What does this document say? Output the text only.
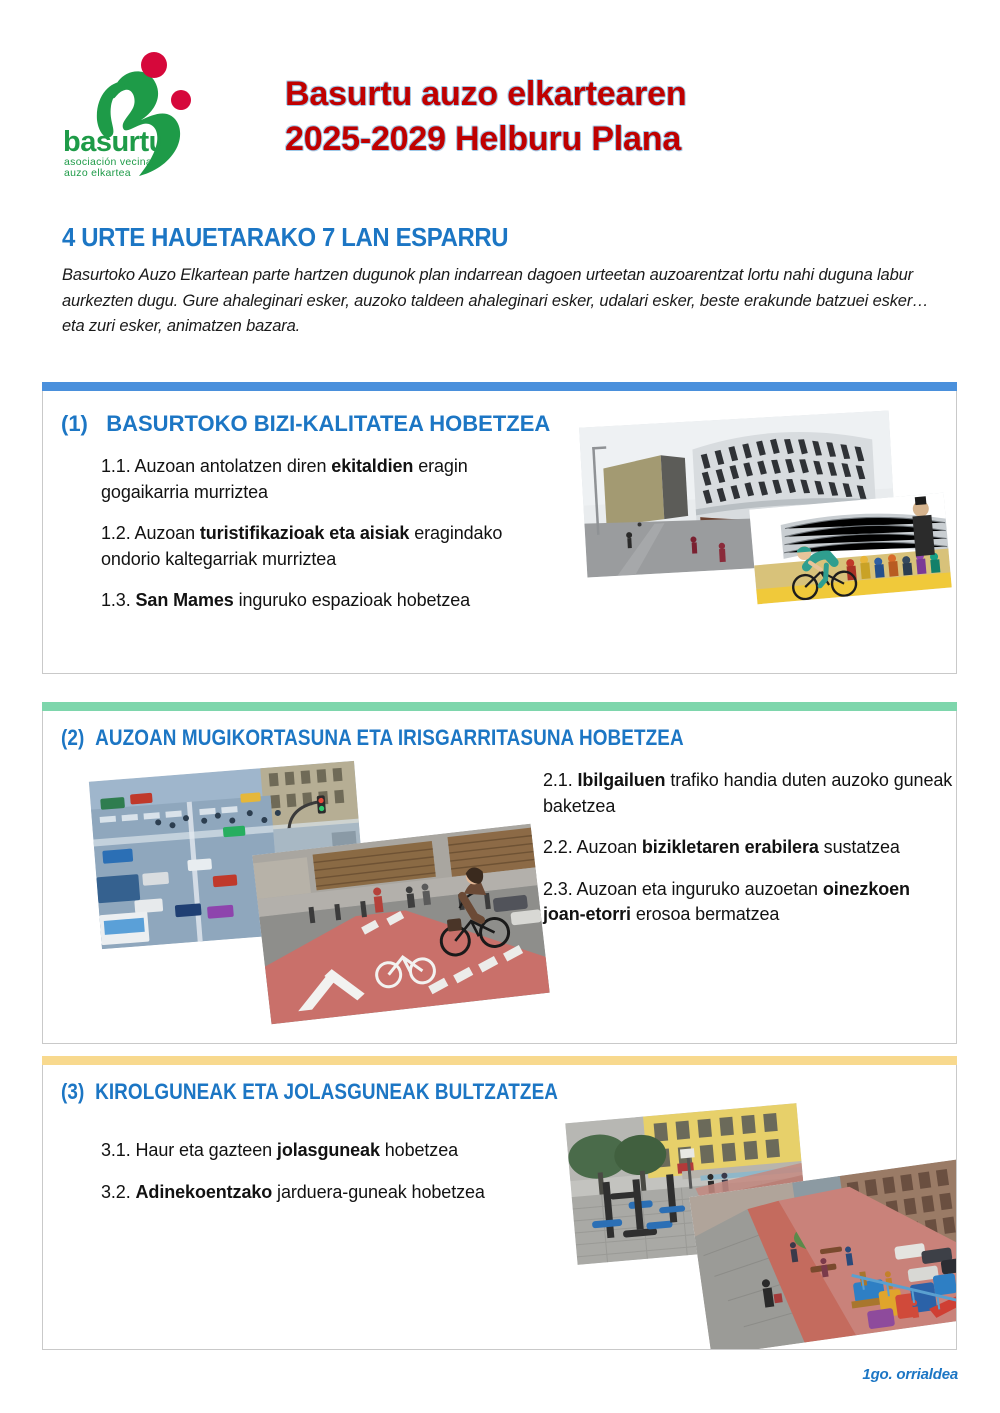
basurtu
asociación vecinal
auzo elkartea
Basurtu auzo elkartearen
2025-2029 Helburu Plana
4 URTE HAUETARAKO 7 LAN ESPARRU

Basurtoko Auzo Elkartean parte hartzen dugunok plan indarrean dagoen urteetan auzoarentzat lortu nahi duguna labur aurkezten dugu. Gure ahaleginari esker, auzoko taldeen ahaleginari esker, udalari esker, beste erakunde batzuei esker… eta zuri esker, animatzen bazara.

(1) BASURTOKO BIZI-KALITATEA HOBETZEA

1.1. Auzoan antolatzen diren ekitaldien eragin gogaikarria murriztea

1.2. Auzoan turistifikazioak eta aisiak eragindako ondorio kaltegarriak murriztea

1.3. San Mames inguruko espazioak hobetzea

(2) AUZOAN MUGIKORTASUNA ETA IRISGARRITASUNA HOBETZEA

2.1. Ibilgailuen trafiko handia duten auzoko guneak baketzea

2.2. Auzoan bizikletaren erabilera sustatzea

2.3. Auzoan eta inguruko auzoetan oinezkoen joan-etorri erosoa bermatzea

(3) KIROLGUNEAK ETA JOLASGUNEAK BULTZATZEA

3.1. Haur eta gazteen jolasguneak hobetzea

3.2. Adinekoentzako jarduera-guneak hobetzea

1go. orrialdea
